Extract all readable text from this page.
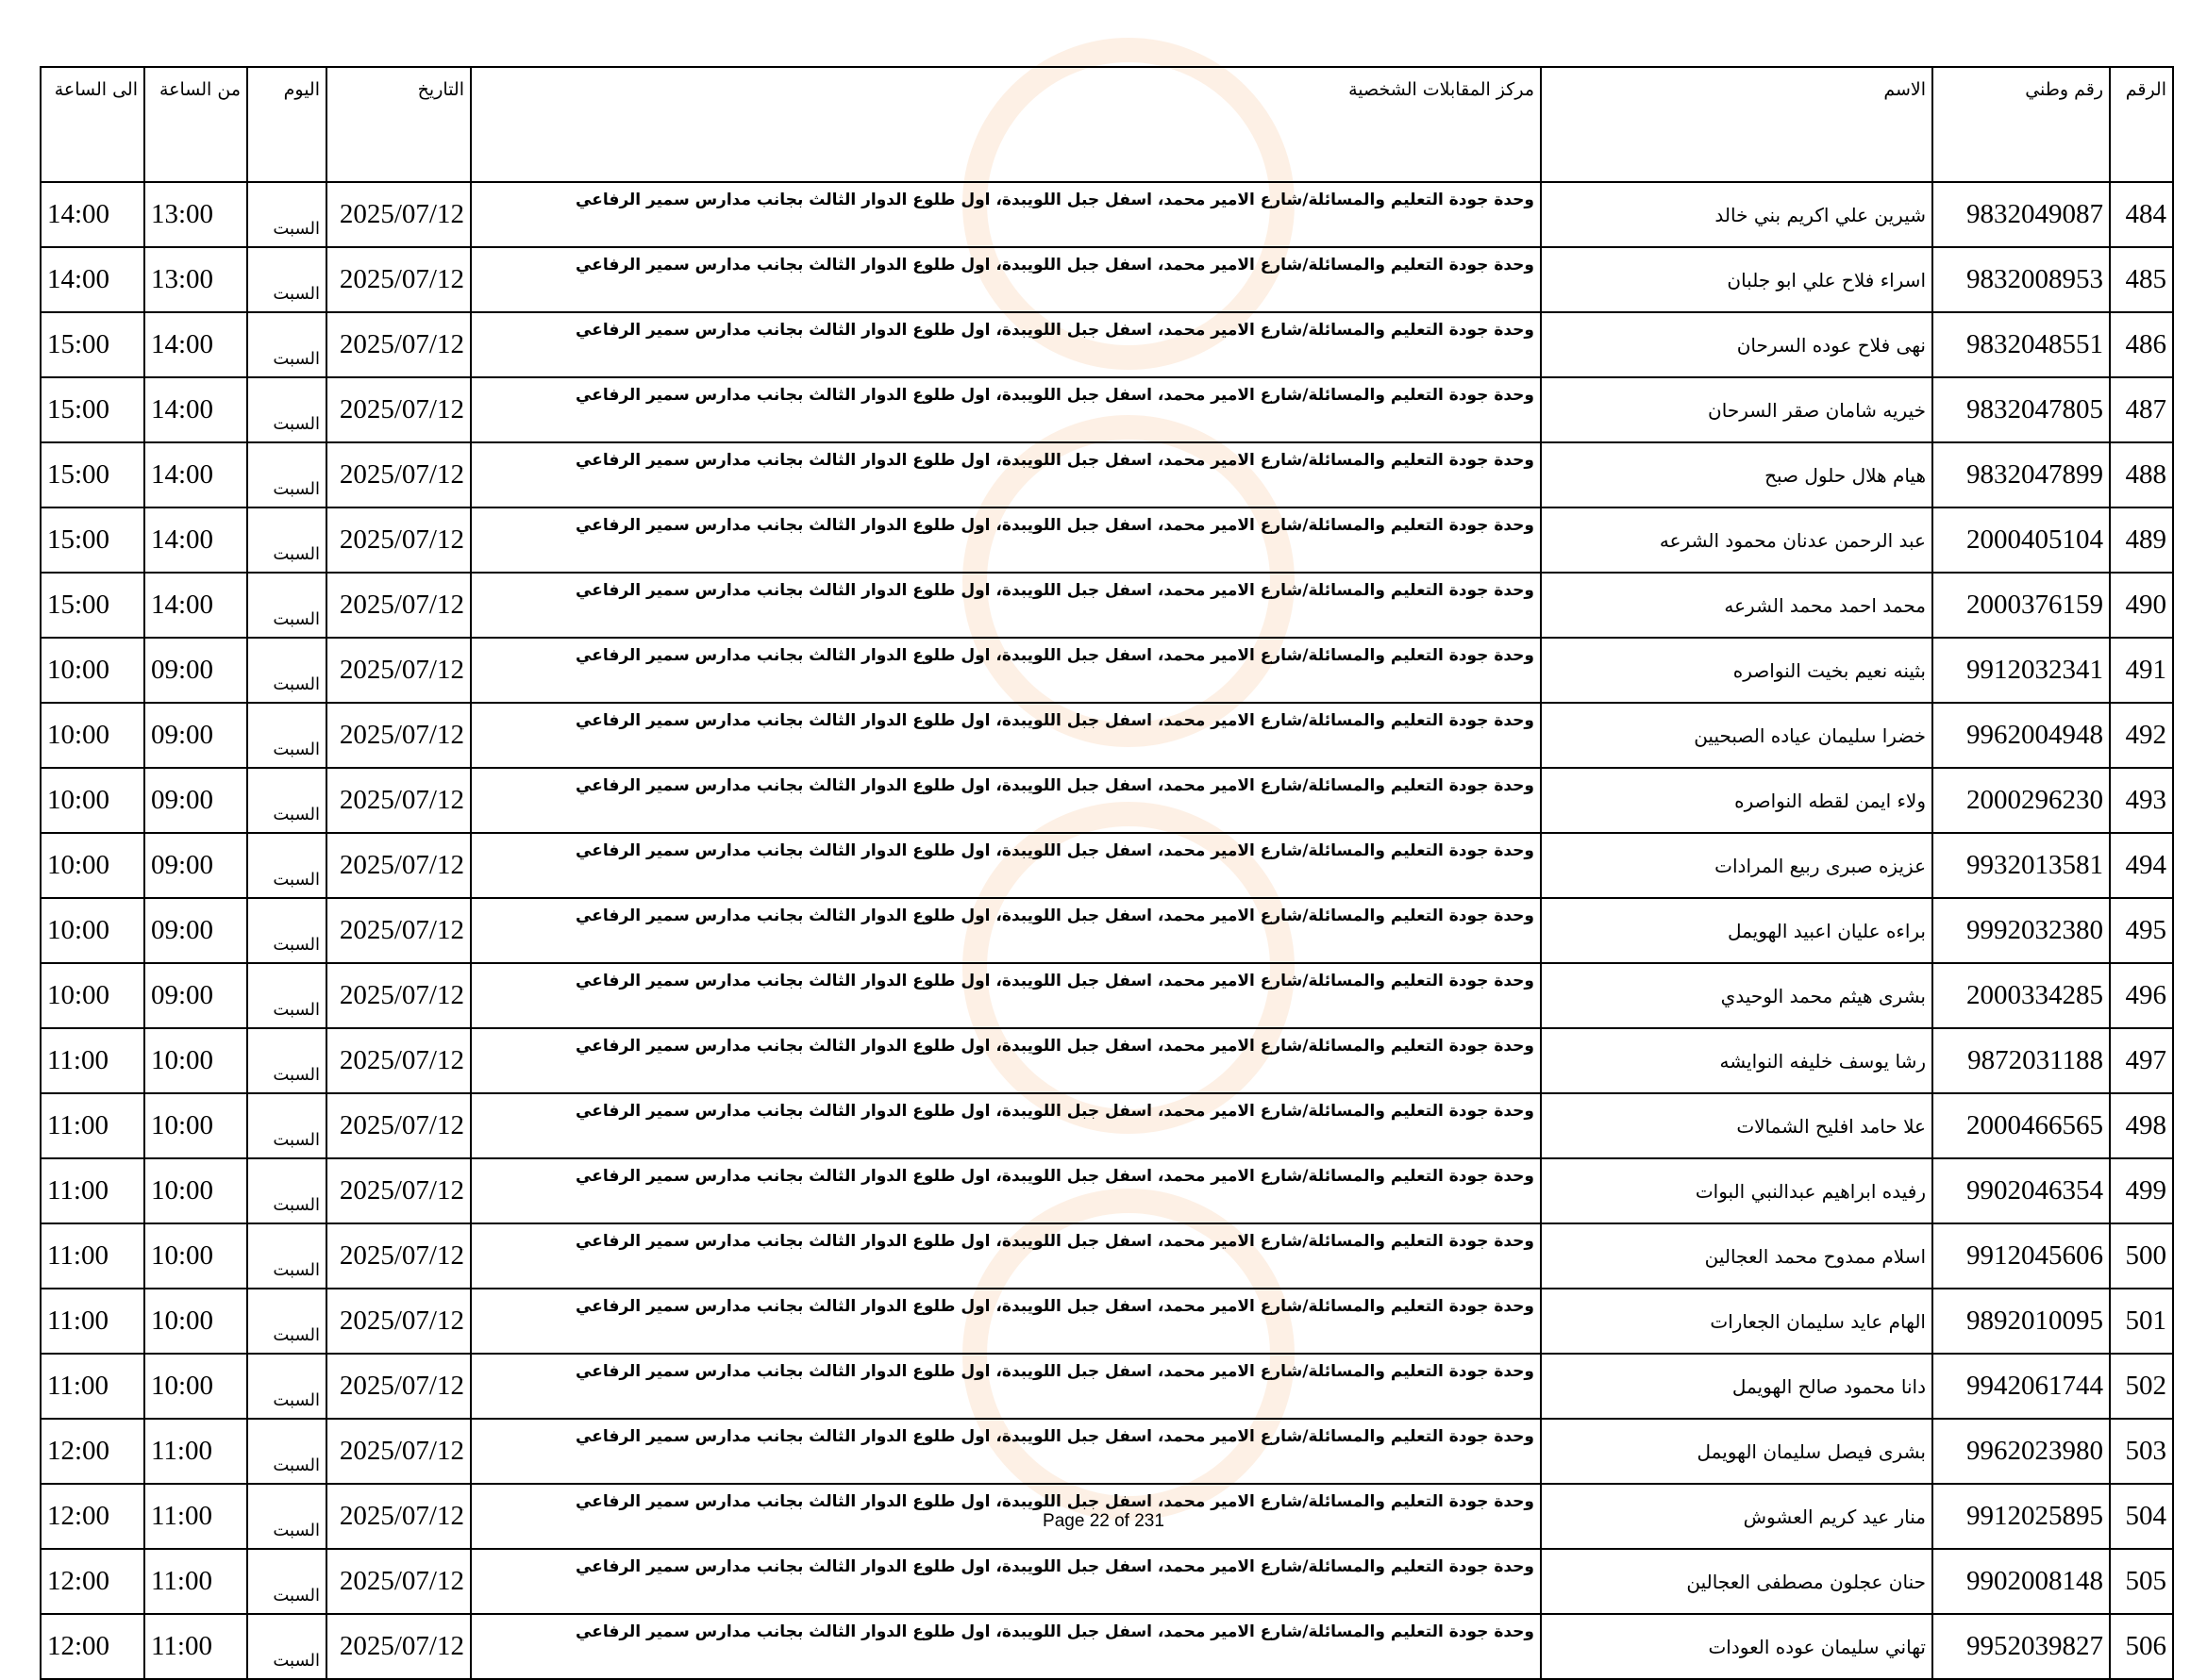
الرقم	رقم وطني	الاسم	مركز المقابلات الشخصية	التاريخ	اليوم	من الساعة	الى الساعة
484	9832049087	شيرين علي اكريم بني خالد	وحدة جودة التعليم والمسائلة/شارع الامير محمد، اسفل جبل اللويبدة، اول طلوع الدوار الثالث بجانب مدارس سمير الرفاعي	2025/07/12	السبت	13:00	14:00
485	9832008953	اسراء فلاح علي ابو جلبان	وحدة جودة التعليم والمسائلة/شارع الامير محمد، اسفل جبل اللويبدة، اول طلوع الدوار الثالث بجانب مدارس سمير الرفاعي	2025/07/12	السبت	13:00	14:00
486	9832048551	نهى فلاح عوده السرحان	وحدة جودة التعليم والمسائلة/شارع الامير محمد، اسفل جبل اللويبدة، اول طلوع الدوار الثالث بجانب مدارس سمير الرفاعي	2025/07/12	السبت	14:00	15:00
487	9832047805	خيريه شامان صقر السرحان	وحدة جودة التعليم والمسائلة/شارع الامير محمد، اسفل جبل اللويبدة، اول طلوع الدوار الثالث بجانب مدارس سمير الرفاعي	2025/07/12	السبت	14:00	15:00
488	9832047899	هيام هلال حلول صبح	وحدة جودة التعليم والمسائلة/شارع الامير محمد، اسفل جبل اللويبدة، اول طلوع الدوار الثالث بجانب مدارس سمير الرفاعي	2025/07/12	السبت	14:00	15:00
489	2000405104	عبد الرحمن عدنان محمود الشرعه	وحدة جودة التعليم والمسائلة/شارع الامير محمد، اسفل جبل اللويبدة، اول طلوع الدوار الثالث بجانب مدارس سمير الرفاعي	2025/07/12	السبت	14:00	15:00
490	2000376159	محمد احمد محمد الشرعه	وحدة جودة التعليم والمسائلة/شارع الامير محمد، اسفل جبل اللويبدة، اول طلوع الدوار الثالث بجانب مدارس سمير الرفاعي	2025/07/12	السبت	14:00	15:00
491	9912032341	بثينه نعيم بخيت النواصره	وحدة جودة التعليم والمسائلة/شارع الامير محمد، اسفل جبل اللويبدة، اول طلوع الدوار الثالث بجانب مدارس سمير الرفاعي	2025/07/12	السبت	09:00	10:00
492	9962004948	خضرا سليمان عياده الصبحيين	وحدة جودة التعليم والمسائلة/شارع الامير محمد، اسفل جبل اللويبدة، اول طلوع الدوار الثالث بجانب مدارس سمير الرفاعي	2025/07/12	السبت	09:00	10:00
493	2000296230	ولاء ايمن لقطه النواصره	وحدة جودة التعليم والمسائلة/شارع الامير محمد، اسفل جبل اللويبدة، اول طلوع الدوار الثالث بجانب مدارس سمير الرفاعي	2025/07/12	السبت	09:00	10:00
494	9932013581	عزيزه صبرى ربيع المرادات	وحدة جودة التعليم والمسائلة/شارع الامير محمد، اسفل جبل اللويبدة، اول طلوع الدوار الثالث بجانب مدارس سمير الرفاعي	2025/07/12	السبت	09:00	10:00
495	9992032380	براءه عليان اعبيد الهويمل	وحدة جودة التعليم والمسائلة/شارع الامير محمد، اسفل جبل اللويبدة، اول طلوع الدوار الثالث بجانب مدارس سمير الرفاعي	2025/07/12	السبت	09:00	10:00
496	2000334285	بشرى هيثم محمد الوحيدي	وحدة جودة التعليم والمسائلة/شارع الامير محمد، اسفل جبل اللويبدة، اول طلوع الدوار الثالث بجانب مدارس سمير الرفاعي	2025/07/12	السبت	09:00	10:00
497	9872031188	رشا يوسف خليفه النوايشه	وحدة جودة التعليم والمسائلة/شارع الامير محمد، اسفل جبل اللويبدة، اول طلوع الدوار الثالث بجانب مدارس سمير الرفاعي	2025/07/12	السبت	10:00	11:00
498	2000466565	علا حامد افليح الشمالات	وحدة جودة التعليم والمسائلة/شارع الامير محمد، اسفل جبل اللويبدة، اول طلوع الدوار الثالث بجانب مدارس سمير الرفاعي	2025/07/12	السبت	10:00	11:00
499	9902046354	رفيده ابراهيم عبدالنبي البوات	وحدة جودة التعليم والمسائلة/شارع الامير محمد، اسفل جبل اللويبدة، اول طلوع الدوار الثالث بجانب مدارس سمير الرفاعي	2025/07/12	السبت	10:00	11:00
500	9912045606	اسلام ممدوح محمد العجالين	وحدة جودة التعليم والمسائلة/شارع الامير محمد، اسفل جبل اللويبدة، اول طلوع الدوار الثالث بجانب مدارس سمير الرفاعي	2025/07/12	السبت	10:00	11:00
501	9892010095	الهام عايد سليمان الجعارات	وحدة جودة التعليم والمسائلة/شارع الامير محمد، اسفل جبل اللويبدة، اول طلوع الدوار الثالث بجانب مدارس سمير الرفاعي	2025/07/12	السبت	10:00	11:00
502	9942061744	دانا محمود صالح الهويمل	وحدة جودة التعليم والمسائلة/شارع الامير محمد، اسفل جبل اللويبدة، اول طلوع الدوار الثالث بجانب مدارس سمير الرفاعي	2025/07/12	السبت	10:00	11:00
503	9962023980	بشرى فيصل سليمان الهويمل	وحدة جودة التعليم والمسائلة/شارع الامير محمد، اسفل جبل اللويبدة، اول طلوع الدوار الثالث بجانب مدارس سمير الرفاعي	2025/07/12	السبت	11:00	12:00
504	9912025895	منار عيد كريم العشوش	وحدة جودة التعليم والمسائلة/شارع الامير محمد، اسفل جبل اللويبدة، اول طلوع الدوار الثالث بجانب مدارس سمير الرفاعي	2025/07/12	السبت	11:00	12:00
505	9902008148	حنان عجلون مصطفى العجالين	وحدة جودة التعليم والمسائلة/شارع الامير محمد، اسفل جبل اللويبدة، اول طلوع الدوار الثالث بجانب مدارس سمير الرفاعي	2025/07/12	السبت	11:00	12:00
506	9952039827	تهاني سليمان عوده العودات	وحدة جودة التعليم والمسائلة/شارع الامير محمد، اسفل جبل اللويبدة، اول طلوع الدوار الثالث بجانب مدارس سمير الرفاعي	2025/07/12	السبت	11:00	12:00
Page 22 of 231
